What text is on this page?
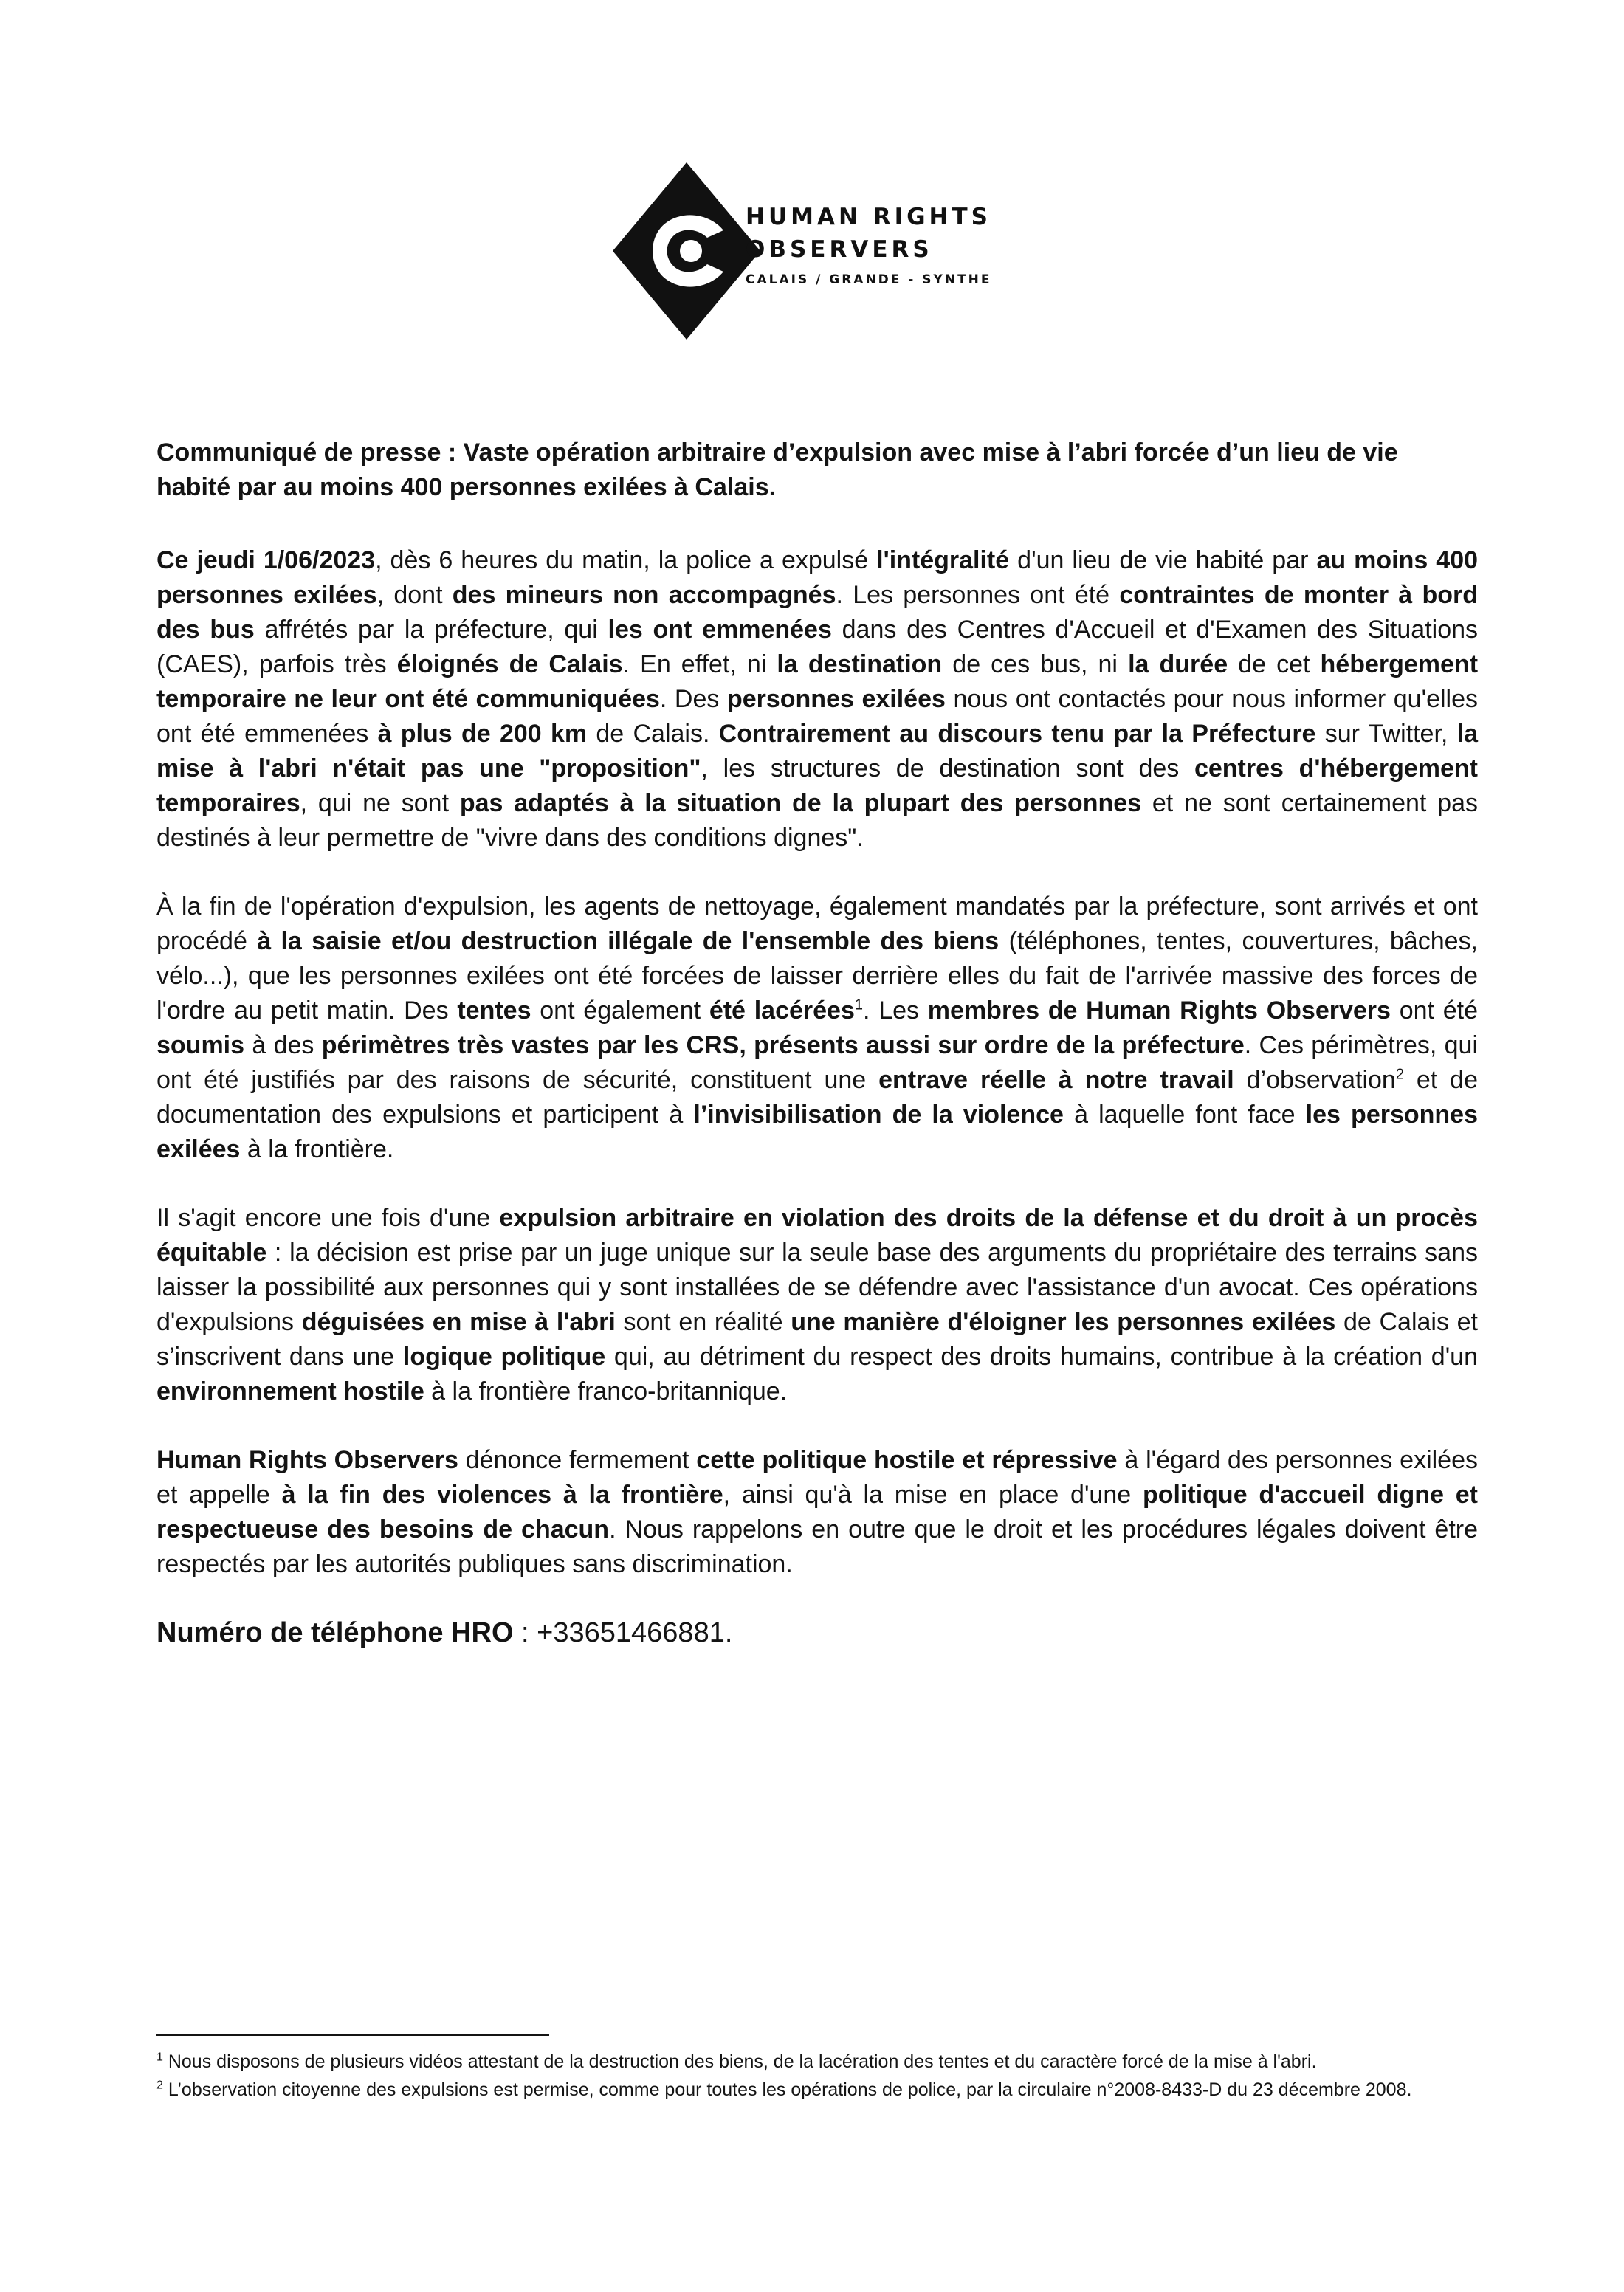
HUMAN RIGHTS
OBSERVERS
CALAIS / GRANDE - SYNTHE

Communiqué de presse : Vaste opération arbitraire d’expulsion avec mise à l’abri forcée d’un lieu de vie habité par au moins 400 personnes exilées à Calais.

Ce jeudi 1/06/2023, dès 6 heures du matin, la police a expulsé l'intégralité d'un lieu de vie habité par au moins 400 personnes exilées, dont des mineurs non accompagnés. Les personnes ont été contraintes de monter à bord des bus affrétés par la préfecture, qui les ont emmenées dans des Centres d'Accueil et d'Examen des Situations (CAES), parfois très éloignés de Calais. En effet, ni la destination de ces bus, ni la durée de cet hébergement temporaire ne leur ont été communiquées. Des personnes exilées nous ont contactés pour nous informer qu'elles ont été emmenées à plus de 200 km de Calais. Contrairement au discours tenu par la Préfecture sur Twitter, la mise à l'abri n'était pas une "proposition", les structures de destination sont des centres d'hébergement temporaires, qui ne sont pas adaptés à la situation de la plupart des personnes et ne sont certainement pas destinés à leur permettre de "vivre dans des conditions dignes".

À la fin de l'opération d'expulsion, les agents de nettoyage, également mandatés par la préfecture, sont arrivés et ont procédé à la saisie et/ou destruction illégale de l'ensemble des biens (téléphones, tentes, couvertures, bâches, vélo...), que les personnes exilées ont été forcées de laisser derrière elles du fait de l'arrivée massive des forces de l'ordre au petit matin. Des tentes ont également été lacérées$^1$. Les membres de Human Rights Observers ont été soumis à des périmètres très vastes par les CRS, présents aussi sur ordre de la préfecture. Ces périmètres, qui ont été justifiés par des raisons de sécurité, constituent une entrave réelle à notre travail d’observation$^2$ et de documentation des expulsions et participent à l’invisibilisation de la violence à laquelle font face les personnes exilées à la frontière.

Il s'agit encore une fois d'une expulsion arbitraire en violation des droits de la défense et du droit à un procès équitable : la décision est prise par un juge unique sur la seule base des arguments du propriétaire des terrains sans laisser la possibilité aux personnes qui y sont installées de se défendre avec l'assistance d'un avocat. Ces opérations d'expulsions déguisées en mise à l'abri sont en réalité une manière d'éloigner les personnes exilées de Calais et s’inscrivent dans une logique politique qui, au détriment du respect des droits humains, contribue à la création d'un environnement hostile à la frontière franco-britannique.

Human Rights Observers dénonce fermement cette politique hostile et répressive à l'égard des personnes exilées et appelle à la fin des violences à la frontière, ainsi qu'à la mise en place d'une politique d'accueil digne et respectueuse des besoins de chacun. Nous rappelons en outre que le droit et les procédures légales doivent être respectés par les autorités publiques sans discrimination.

Numéro de téléphone HRO : +33651466881.

$^1$ Nous disposons de plusieurs vidéos attestant de la destruction des biens, de la lacération des tentes et du caractère forcé de la mise à l'abri.

$^2$ L’observation citoyenne des expulsions est permise, comme pour toutes les opérations de police, par la circulaire n°2008-8433-D du 23 décembre 2008.
